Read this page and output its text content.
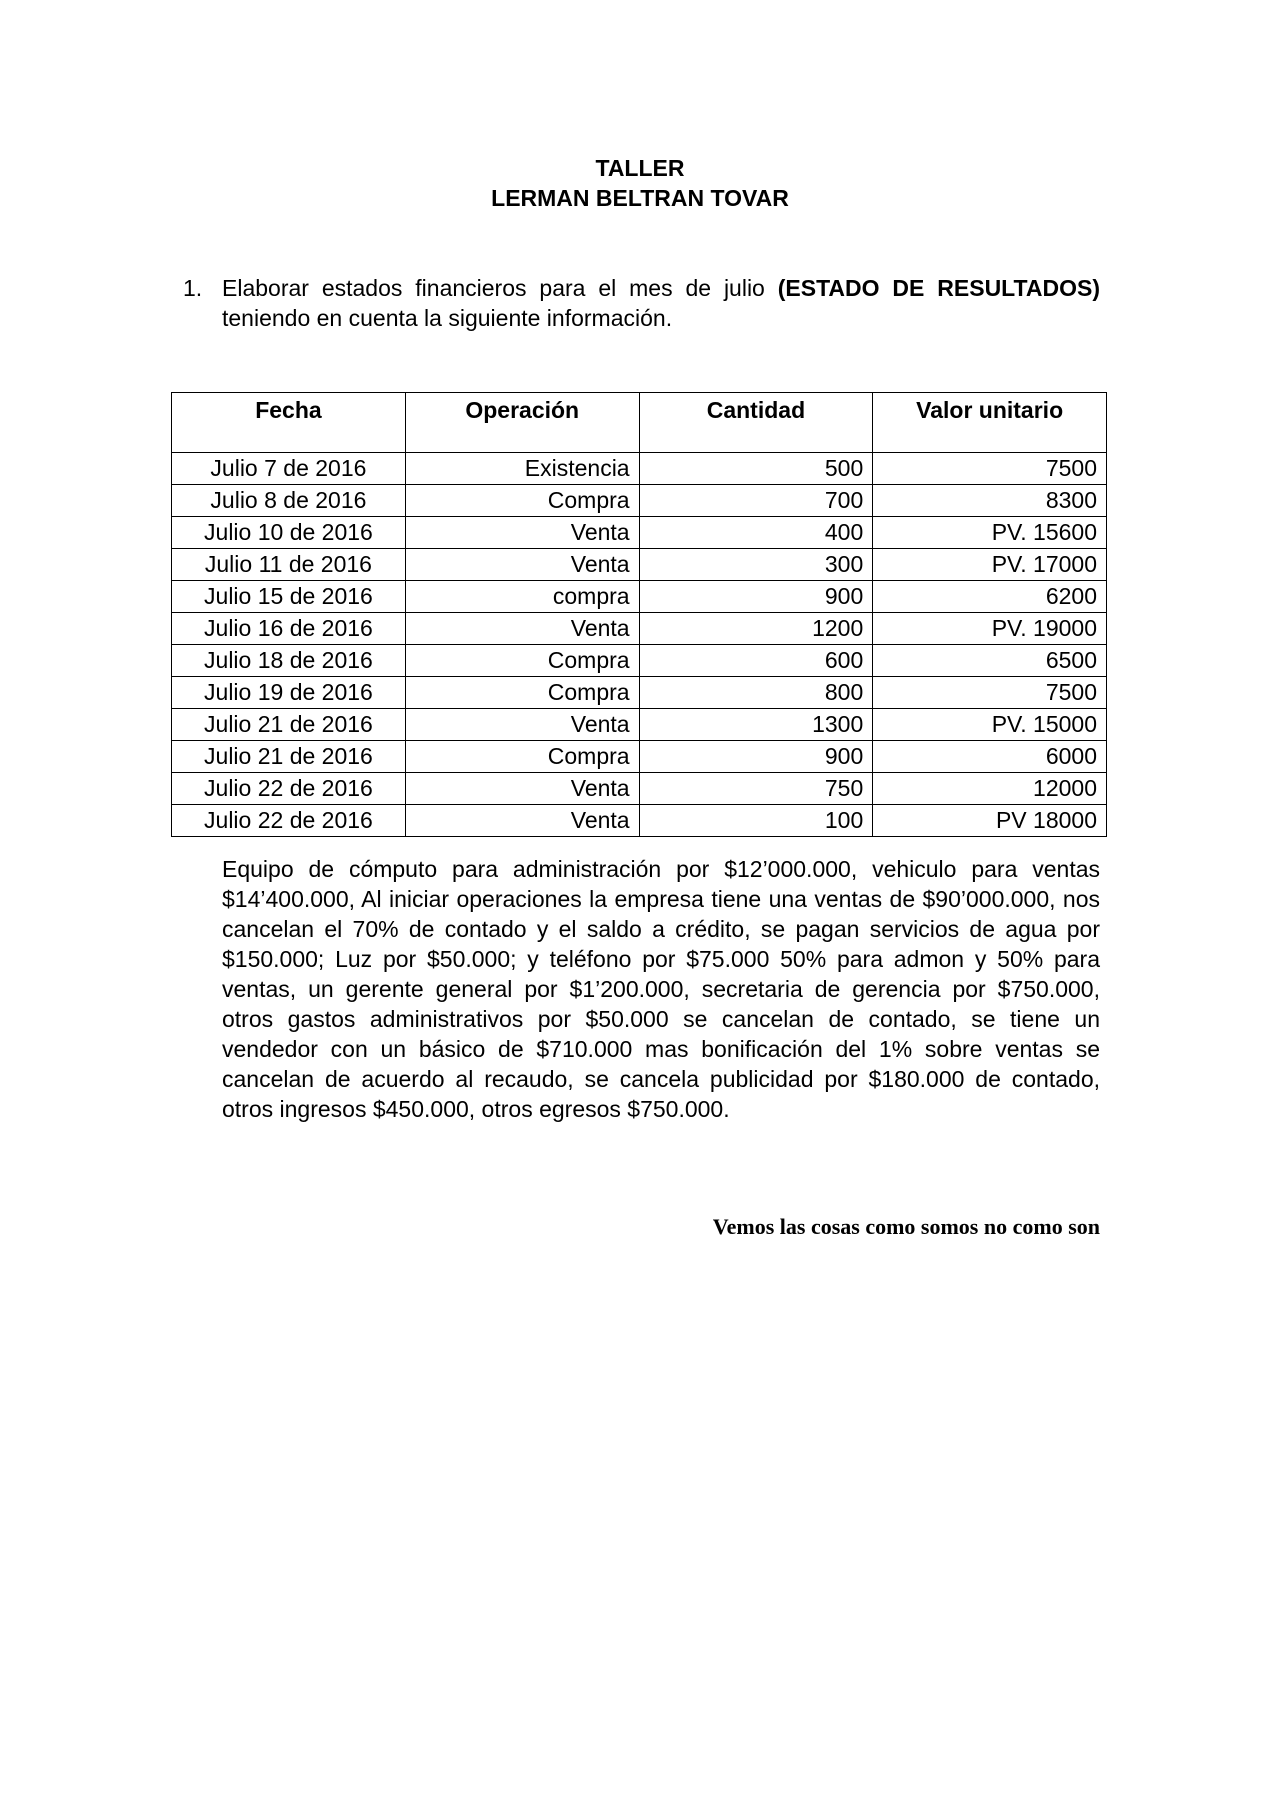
TALLER
LERMAN BELTRAN TOVAR
1. Elaborar estados financieros para el mes de julio (ESTADO DE RESULTADOS) teniendo en cuenta la siguiente información.
Fecha	Operación	Cantidad	Valor unitario
Julio 7 de 2016	Existencia	500	7500
Julio 8 de 2016	Compra	700	8300
Julio 10 de 2016	Venta	400	PV. 15600
Julio 11 de 2016	Venta	300	PV. 17000
Julio 15 de 2016	compra	900	6200
Julio 16 de 2016	Venta	1200	PV. 19000
Julio 18 de 2016	Compra	600	6500
Julio 19 de 2016	Compra	800	7500
Julio 21 de 2016	Venta	1300	PV. 15000
Julio 21 de 2016	Compra	900	6000
Julio 22 de 2016	Venta	750	12000
Julio 22 de 2016	Venta	100	PV 18000
Equipo de cómputo para administración por $12’000.000, vehiculo para ventas $14’400.000, Al iniciar operaciones la empresa tiene una ventas de $90’000.000, nos cancelan el 70% de contado y el saldo a crédito, se pagan servicios de agua por $150.000; Luz por $50.000; y teléfono por $75.000 50% para admon y 50% para ventas, un gerente general por $1’200.000, secretaria de gerencia por $750.000, otros gastos administrativos por $50.000 se cancelan de contado, se tiene un vendedor con un básico de $710.000 mas bonificación del 1% sobre ventas se cancelan de acuerdo al recaudo, se cancela publicidad por $180.000 de contado, otros ingresos $450.000, otros egresos $750.000.
Vemos las cosas como somos no como son
